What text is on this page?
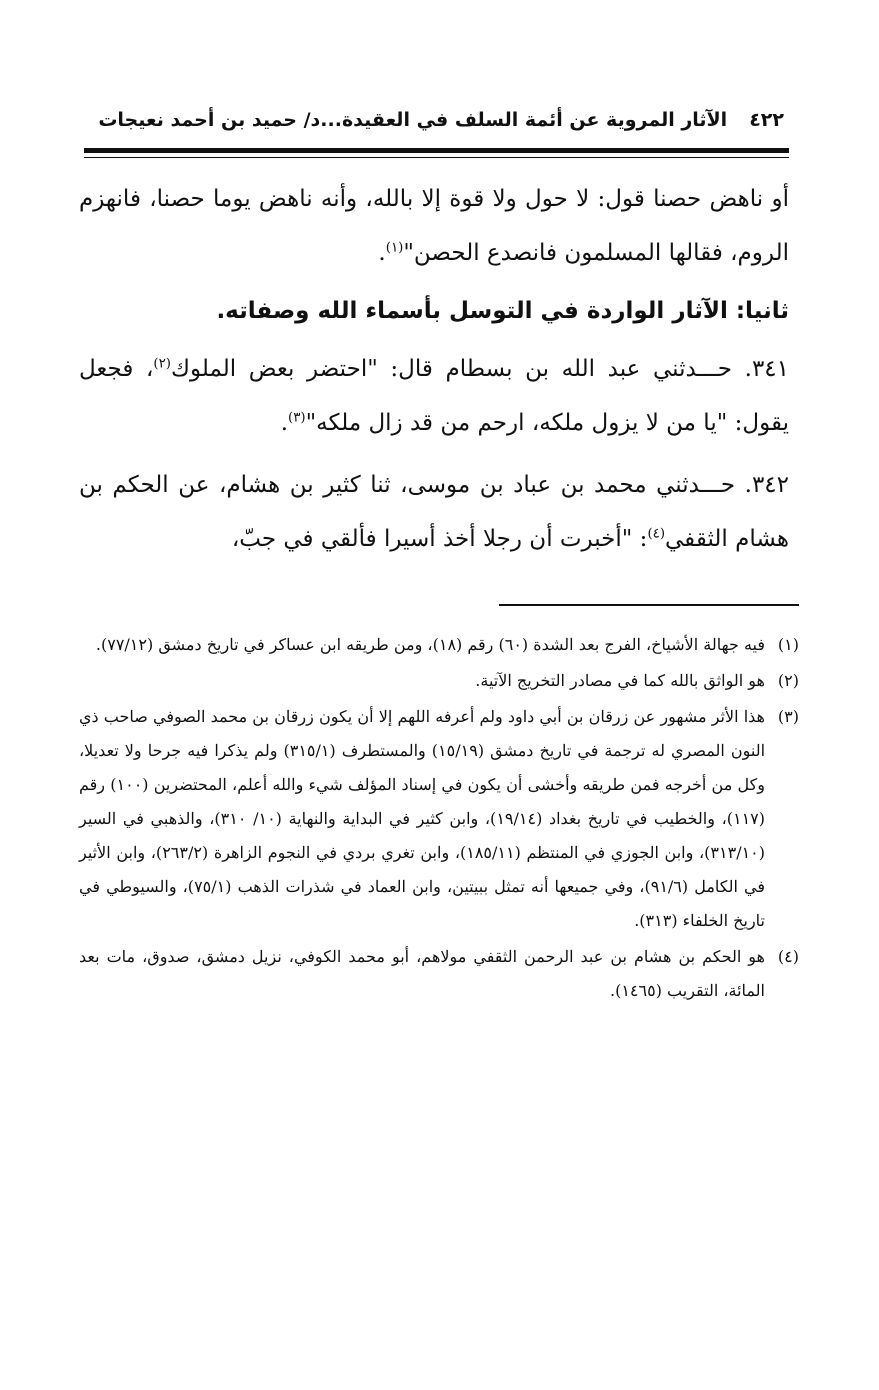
٤٢٢الآثار المروية عن أئمة السلف في العقيدة...د/ حميد بن أحمد نعيجات

أو ناهض حصنا قول: لا حول ولا قوة إلا بالله، وأنه ناهض يوما حصنا، فانهزم الروم، فقالها المسلمون فانصدع الحصن"$^{(١)}$.

ثانيا: الآثار الواردة في التوسل بأسماء الله وصفاته.

٣٤١. حـــدثني عبد الله بن بسطام قال: "احتضر بعض الملوك$^{(٢)}$، فجعل يقول: "يا من لا يزول ملكه، ارحم من قد زال ملكه"$^{(٣)}$.

٣٤٢. حـــدثني محمد بن عباد بن موسى، ثنا كثير بن هشام، عن الحكم بن هشام الثقفي$^{(٤)}$: "أخبرت أن رجلا أخذ أسيرا فألقي في جبّ،

(١)
فيه جهالة الأشياخ، الفرج بعد الشدة (٦٠) رقم (١٨)، ومن طريقه ابن عساكر في تاريخ دمشق (٧٧/١٢).
(٢)
هو الواثق بالله كما في مصادر التخريج الآتية.
(٣)
هذا الأثر مشهور عن زرقان بن أبي داود ولم أعرفه اللهم إلا أن يكون زرقان بن محمد الصوفي صاحب ذي النون المصري له ترجمة في تاريخ دمشق (١٥/١٩) والمستطرف (٣١٥/١) ولم يذكرا فيه جرحا ولا تعديلا، وكل من أخرجه فمن طريقه وأخشى أن يكون في إسناد المؤلف شيء والله أعلم، المحتضرين (١٠٠) رقم (١١٧)، والخطيب في تاريخ بغداد (١٩/١٤)، وابن كثير في البداية والنهاية (١٠/ ٣١٠)، والذهبي في السير (٣١٣/١٠)، وابن الجوزي في المنتظم (١٨٥/١١)، وابن تغري بردي في النجوم الزاهرة (٢٦٣/٢)، وابن الأثير في الكامل (٩١/٦)، وفي جميعها أنه تمثل ببيتين، وابن العماد في شذرات الذهب (٧٥/١)، والسيوطي في تاريخ الخلفاء (٣١٣).
(٤)
هو الحكم بن هشام بن عبد الرحمن الثقفي مولاهم، أبو محمد الكوفي، نزيل دمشق، صدوق، مات بعد المائة، التقريب (١٤٦٥).
